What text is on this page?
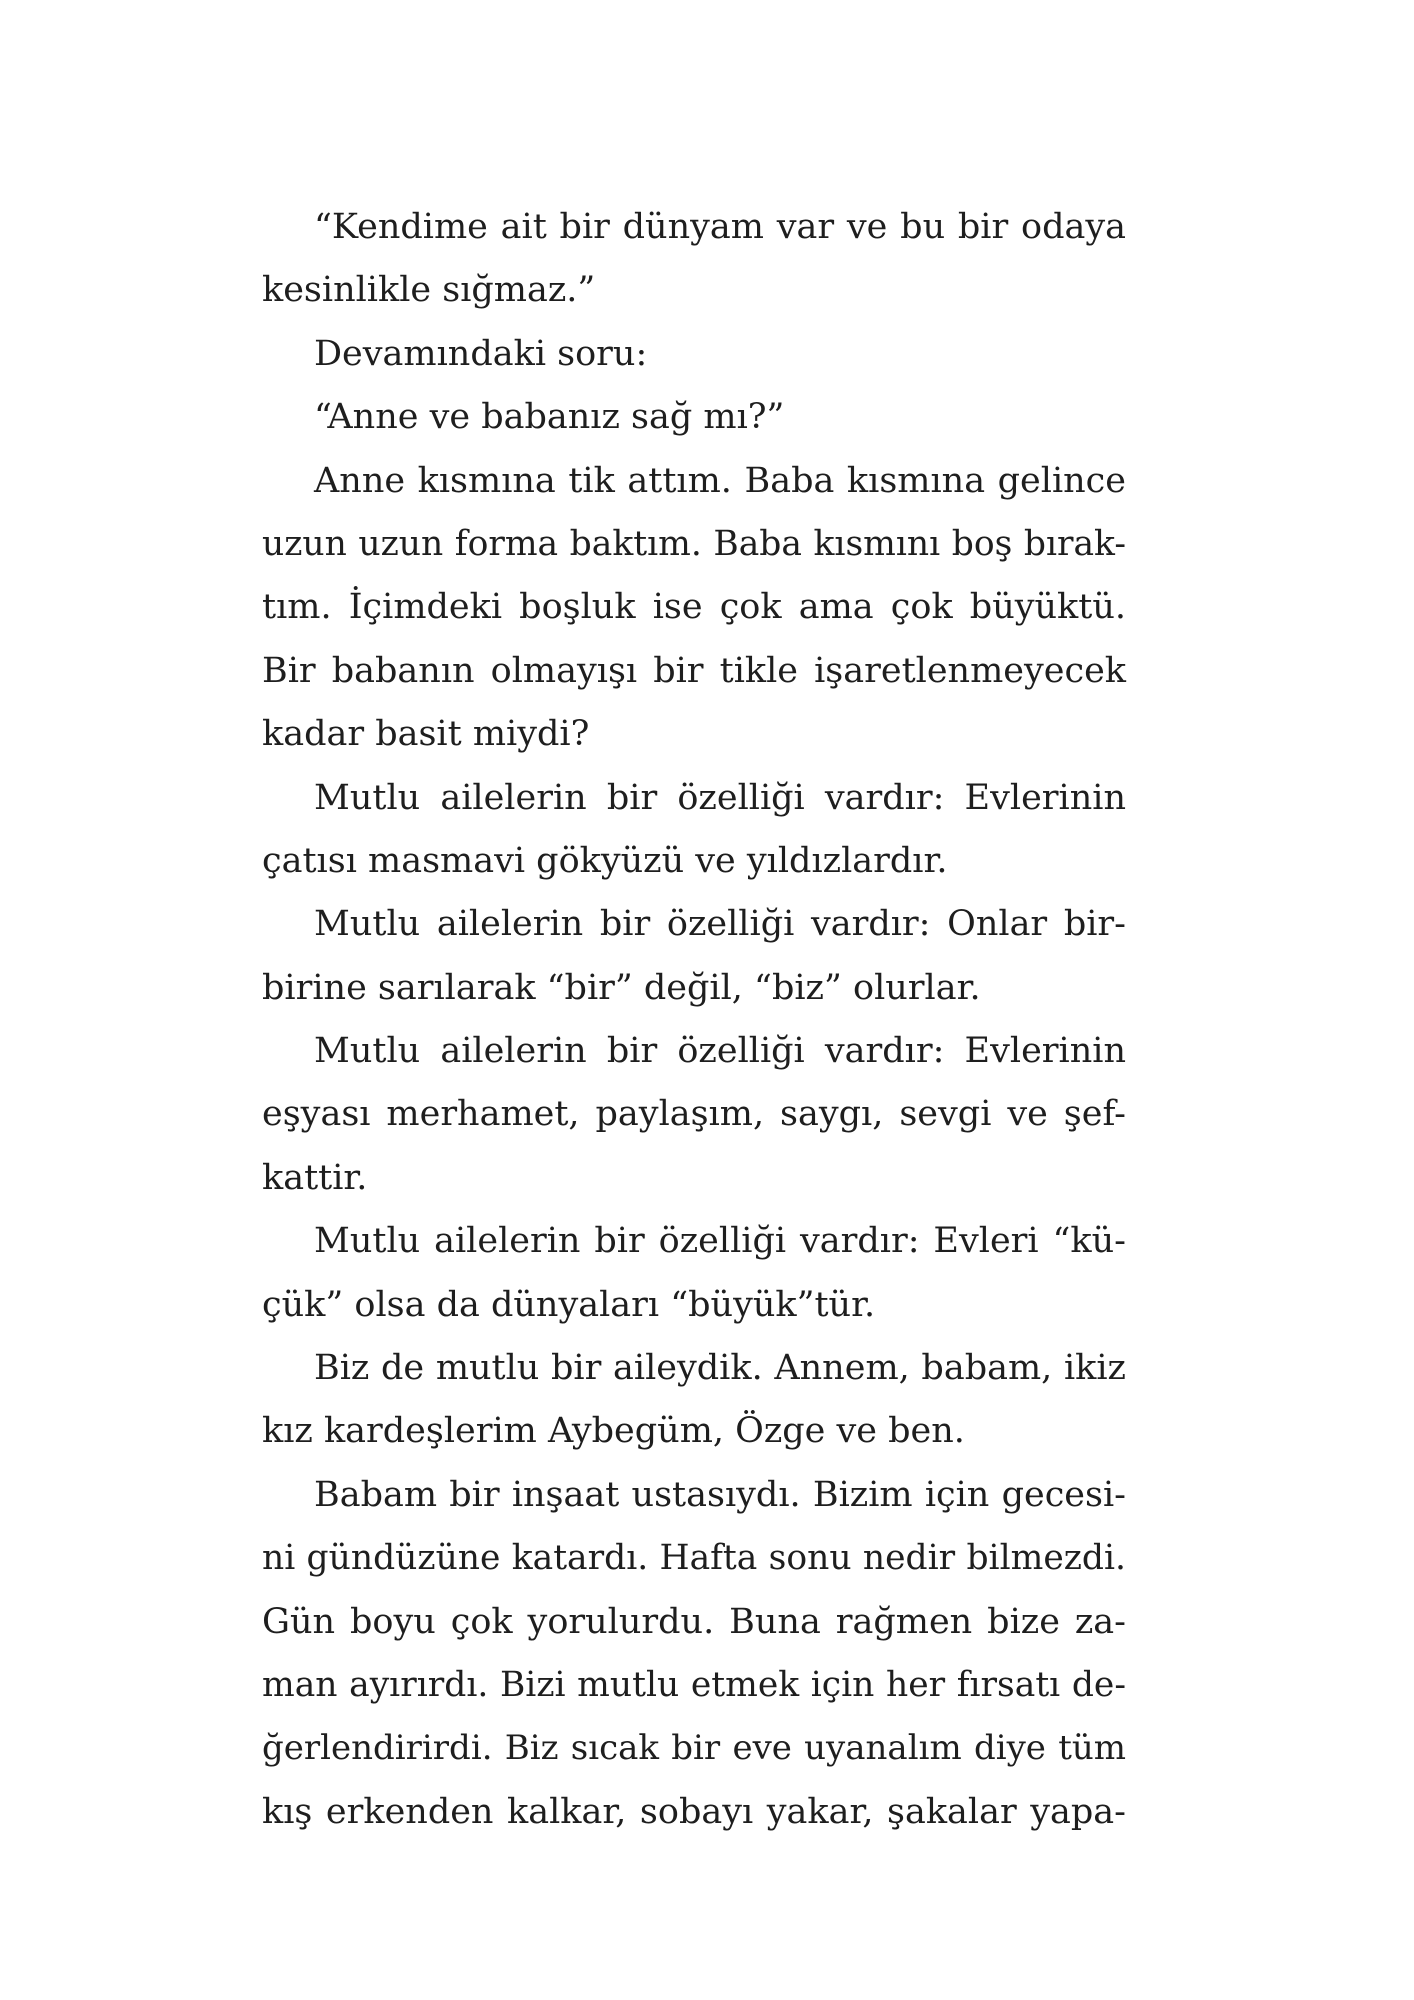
“Kendime ait bir dünyam var ve bu bir odaya
kesinlikle sığmaz.”
Devamındaki soru:
“Anne ve babanız sağ mı?”
Anne kısmına tik attım. Baba kısmına gelince
uzun uzun forma baktım. Baba kısmını boş bırak-
tım. İçimdeki boşluk ise çok ama çok büyüktü.
Bir babanın olmayışı bir tikle işaretlenmeyecek
kadar basit miydi?
Mutlu ailelerin bir özelliği vardır: Evlerinin
çatısı masmavi gökyüzü ve yıldızlardır.
Mutlu ailelerin bir özelliği vardır: Onlar bir-
birine sarılarak “bir” değil, “biz” olurlar.
Mutlu ailelerin bir özelliği vardır: Evlerinin
eşyası merhamet, paylaşım, saygı, sevgi ve şef-
kattir.
Mutlu ailelerin bir özelliği vardır: Evleri “kü-
çük” olsa da dünyaları “büyük”tür.
Biz de mutlu bir aileydik. Annem, babam, ikiz
kız kardeşlerim Aybegüm, Özge ve ben.
Babam bir inşaat ustasıydı. Bizim için gecesi-
ni gündüzüne katardı. Hafta sonu nedir bilmezdi.
Gün boyu çok yorulurdu. Buna rağmen bize za-
man ayırırdı. Bizi mutlu etmek için her fırsatı de-
ğerlendirirdi. Biz sıcak bir eve uyanalım diye tüm
kış erkenden kalkar, sobayı yakar, şakalar yapa-
